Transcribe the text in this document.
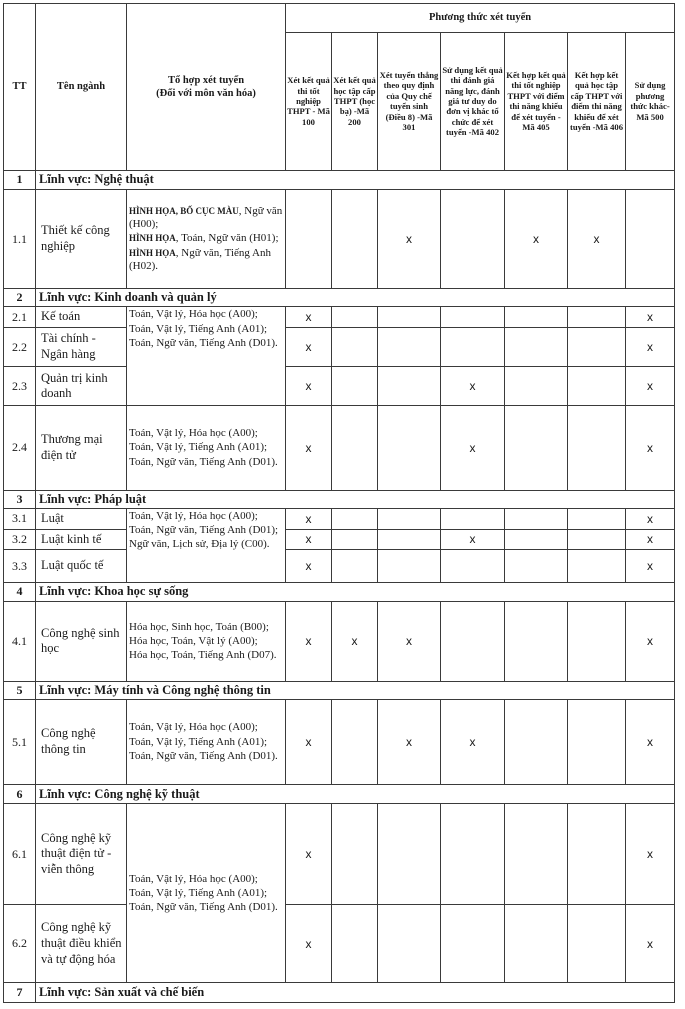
TT	Tên ngành	Tổ hợp xét tuyển
(Đối với môn văn hóa)	Phương thức xét tuyển						
			Xét kết quả thi tốt nghiệp THPT - Mã 100	Xét kết quả học tập cấp THPT (học bạ) -Mã 200	Xét tuyển thẳng theo quy định của Quy chế tuyển sinh (Điều 8) -Mã 301	Sử dụng kết quả thi đánh giá năng lực, đánh giá tư duy do đơn vị khác tổ chức để xét tuyển -Mã 402	Kết hợp kết quả thi tốt nghiệp THPT với điểm thi năng khiếu để xét tuyển -Mã 405	Kết hợp kết quả học tập cấp THPT với điểm thi năng khiếu để xét tuyển -Mã 406	Sử dụng phương thức khác- Mã 500
1	Lĩnh vực: Nghệ thuật								
1.1	Thiết kế công nghiệp	HÌNH HỌA, BỐ CỤC MÀU, Ngữ văn (H00);
HÌNH HỌA, Toán, Ngữ văn (H01);
HÌNH HỌA, Ngữ văn, Tiếng Anh (H02).			x		x	x	
2	Lĩnh vực: Kinh doanh và quản lý								
2.1	Kế toán	Toán, Vật lý, Hóa học (A00);
Toán, Vật lý, Tiếng Anh (A01);
Toán, Ngữ văn, Tiếng Anh (D01).	x						x
2.2	Tài chính - Ngân hàng		x						x
2.3	Quản trị kinh doanh		x			x			x
2.4	Thương mại điện tử	Toán, Vật lý, Hóa học (A00);
Toán, Vật lý, Tiếng Anh (A01);
Toán, Ngữ văn, Tiếng Anh (D01).	x			x			x
3	Lĩnh vực: Pháp luật								
3.1	Luật	Toán, Vật lý, Hóa học (A00);
Toán, Ngữ văn, Tiếng Anh (D01);
Ngữ văn, Lịch sử, Địa lý (C00).	x						x
3.2	Luật kinh tế		x			x			x
3.3	Luật quốc tế		x						x
4	Lĩnh vực: Khoa học sự sống								
4.1	Công nghệ sinh học	Hóa học, Sinh học, Toán (B00);
Hóa học, Toán, Vật lý (A00);
Hóa học, Toán, Tiếng Anh (D07).	x	x	x				x
5	Lĩnh vực: Máy tính và Công nghệ thông tin								
5.1	Công nghệ thông tin	Toán, Vật lý, Hóa học (A00);
Toán, Vật lý, Tiếng Anh (A01);
Toán, Ngữ văn, Tiếng Anh (D01).	x		x	x			x
6	Lĩnh vực: Công nghệ kỹ thuật								
6.1	Công nghệ kỹ thuật điện tử - viễn thông	Toán, Vật lý, Hóa học (A00);
Toán, Vật lý, Tiếng Anh (A01);
Toán, Ngữ văn, Tiếng Anh (D01).	x						x
6.2	Công nghệ kỹ thuật điều khiển và tự động hóa		x						x
7	Lĩnh vực: Sản xuất và chế biến								
